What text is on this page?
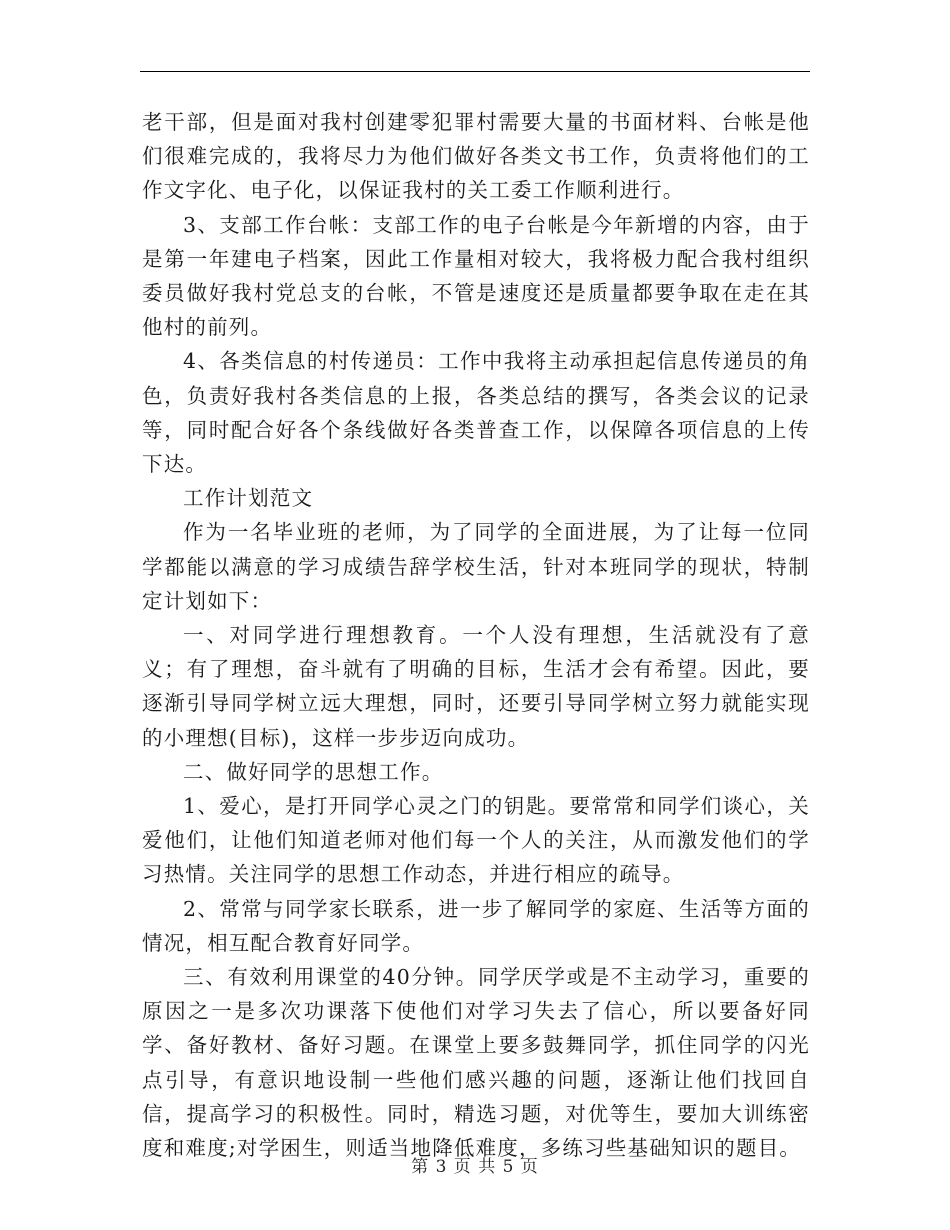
老干部，但是面对我村创建零犯罪村需要大量的书面材料、台帐是他们很难完成的，我将尽力为他们做好各类文书工作，负责将他们的工作文字化、电子化，以保证我村的关工委工作顺利进行。

3、支部工作台帐：支部工作的电子台帐是今年新增的内容，由于是第一年建电子档案，因此工作量相对较大，我将极力配合我村组织委员做好我村党总支的台帐，不管是速度还是质量都要争取在走在其他村的前列。

4、各类信息的村传递员：工作中我将主动承担起信息传递员的角色，负责好我村各类信息的上报，各类总结的撰写，各类会议的记录等，同时配合好各个条线做好各类普查工作，以保障各项信息的上传下达。

工作计划范文

作为一名毕业班的老师，为了同学的全面进展，为了让每一位同学都能以满意的学习成绩告辞学校生活，针对本班同学的现状，特制定计划如下：

一、对同学进行理想教育。一个人没有理想，生活就没有了意义；有了理想，奋斗就有了明确的目标，生活才会有希望。因此，要逐渐引导同学树立远大理想，同时，还要引导同学树立努力就能实现的小理想(目标)，这样一步步迈向成功。

二、做好同学的思想工作。

1、爱心，是打开同学心灵之门的钥匙。要常常和同学们谈心，关爱他们，让他们知道老师对他们每一个人的关注，从而激发他们的学习热情。关注同学的思想工作动态，并进行相应的疏导。

2、常常与同学家长联系，进一步了解同学的家庭、生活等方面的情况，相互配合教育好同学。

三、有效利用课堂的40分钟。同学厌学或是不主动学习，重要的原因之一是多次功课落下使他们对学习失去了信心，所以要备好同学、备好教材、备好习题。在课堂上要多鼓舞同学，抓住同学的闪光点引导，有意识地设制一些他们感兴趣的问题，逐渐让他们找回自信，提高学习的积极性。同时，精选习题，对优等生，要加大训练密度和难度;对学困生，则适当地降低难度，多练习些基础知识的题目。

第 3 页 共 5 页
